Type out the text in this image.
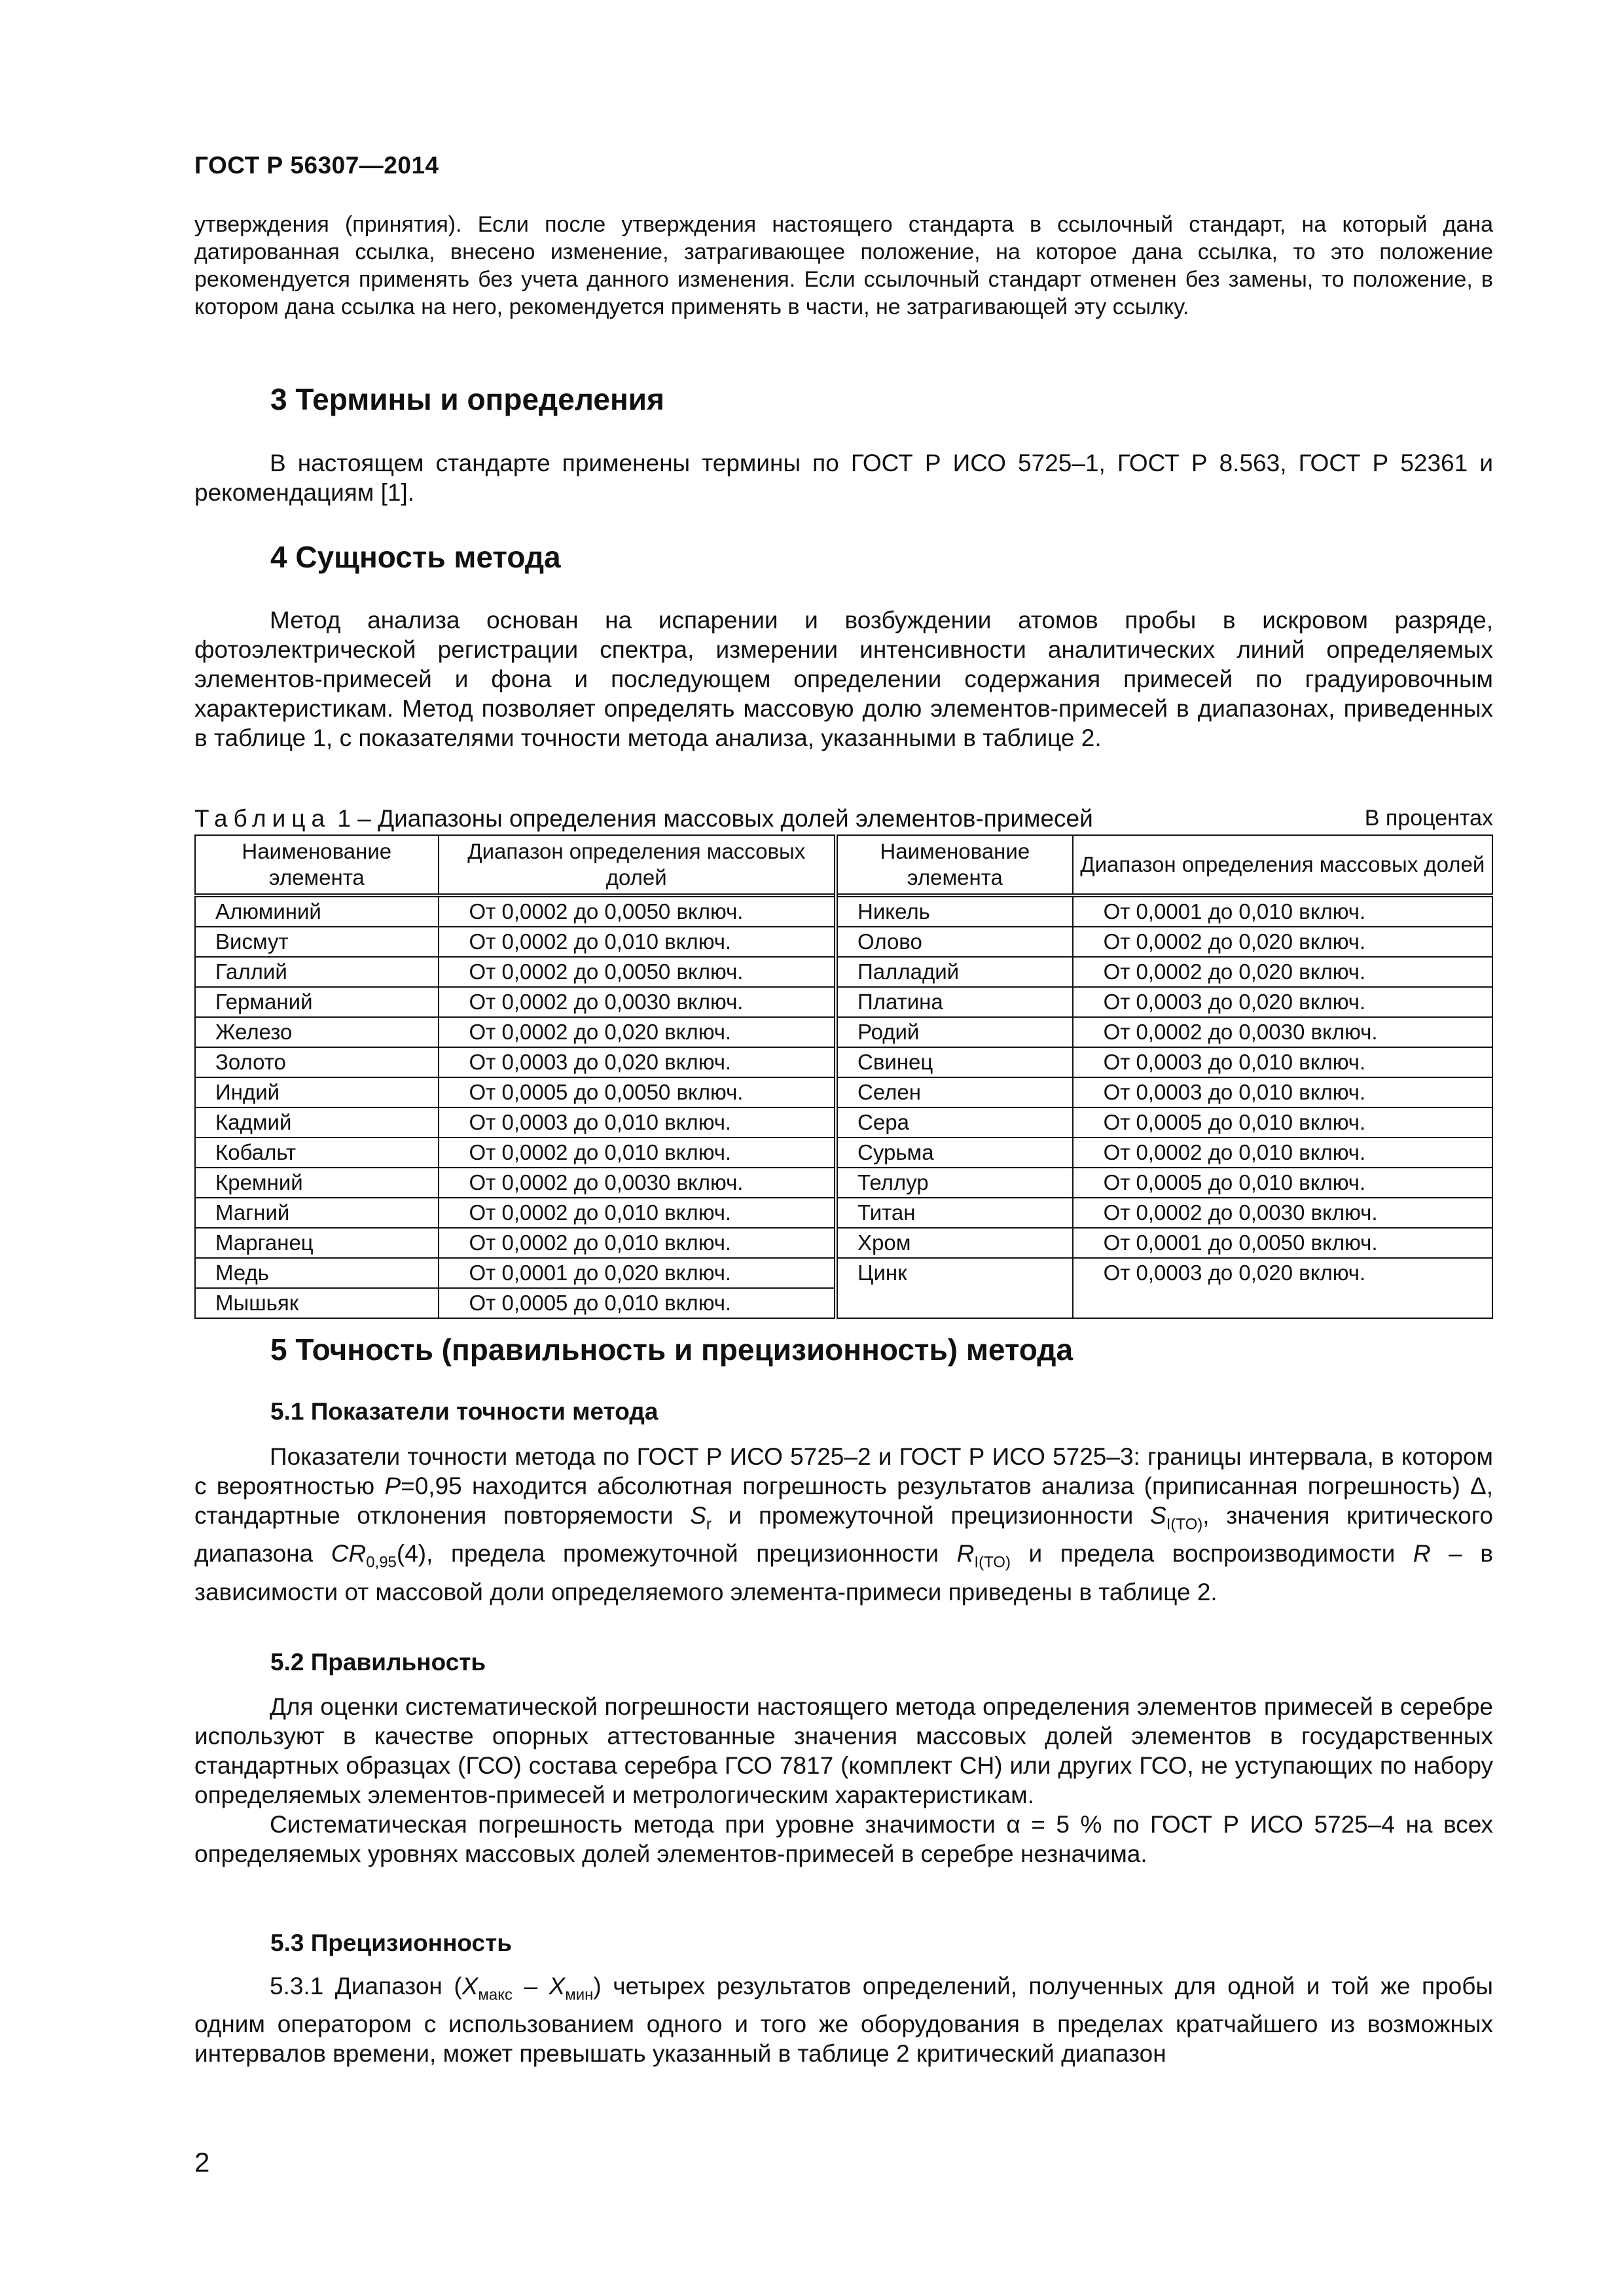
ГОСТ Р 56307—2014

утверждения (принятия). Если после утверждения настоящего стандарта в ссылочный стандарт, на который дана датированная ссылка, внесено изменение, затрагивающее положение, на которое дана ссылка, то это положение рекомендуется применять без учета данного изменения. Если ссылочный стандарт отменен без замены, то положение, в котором дана ссылка на него, рекомендуется применять в части, не затрагивающей эту ссылку.

3 Термины и определения

В настоящем стандарте применены термины по ГОСТ Р ИСО 5725–1, ГОСТ Р 8.563, ГОСТ Р 52361 и рекомендациям [1].

4 Сущность метода

Метод анализа основан на испарении и возбуждении атомов пробы в искровом разряде, фотоэлектрической регистрации спектра, измерении интенсивности аналитических линий определяемых элементов-примесей и фона и последующем определении содержания примесей по градуировочным характеристикам. Метод позволяет определять массовую долю элементов-примесей в диапазонах, приведенных в таблице 1, с показателями точности метода анализа, указанными в таблице 2.

Таблица 1 – Диапазоны определения массовых долей элементов-примесей	В процентах
Наименование элемента	Диапазон определения массовых долей	Наименование элемента	Диапазон определения массовых долей
Алюминий	От 0,0002 до 0,0050 включ.	Никель	От 0,0001 до 0,010 включ.
Висмут	От 0,0002 до 0,010 включ.	Олово	От 0,0002 до 0,020 включ.
Галлий	От 0,0002 до 0,0050 включ.	Палладий	От 0,0002 до 0,020 включ.
Германий	От 0,0002 до 0,0030 включ.	Платина	От 0,0003 до 0,020 включ.
Железо	От 0,0002 до 0,020 включ.	Родий	От 0,0002 до 0,0030 включ.
Золото	От 0,0003 до 0,020 включ.	Свинец	От 0,0003 до 0,010 включ.
Индий	От 0,0005 до 0,0050 включ.	Селен	От 0,0003 до 0,010 включ.
Кадмий	От 0,0003 до 0,010 включ.	Сера	От 0,0005 до 0,010 включ.
Кобальт	От 0,0002 до 0,010 включ.	Сурьма	От 0,0002 до 0,010 включ.
Кремний	От 0,0002 до 0,0030 включ.	Теллур	От 0,0005 до 0,010 включ.
Магний	От 0,0002 до 0,010 включ.	Титан	От 0,0002 до 0,0030 включ.
Марганец	От 0,0002 до 0,010 включ.	Хром	От 0,0001 до 0,0050 включ.
Медь	От 0,0001 до 0,020 включ.	Цинк	От 0,0003 до 0,020 включ.
Мышьяк	От 0,0005 до 0,010 включ.		
5 Точность (правильность и прецизионность) метода
5.1 Показатели точности метода

Показатели точности метода по ГОСТ Р ИСО 5725–2 и ГОСТ Р ИСО 5725–3: границы интервала, в котором с вероятностью P=0,95 находится абсолютная погрешность результатов анализа (приписанная погрешность) Δ, стандартные отклонения повторяемости $S_r$ и промежуточной прецизионности $S_{I(TO)}$, значения критического диапазона $CR_{0,95}(4)$, предела промежуточной прецизионности $R_{I(TO)}$ и предела воспроизводимости R – в зависимости от массовой доли определяемого элемента-примеси приведены в таблице 2.

5.2 Правильность

Для оценки систематической погрешности настоящего метода определения элементов примесей в серебре используют в качестве опорных аттестованные значения массовых долей элементов в государственных стандартных образцах (ГСО) состава серебра ГСО 7817 (комплект СН) или других ГСО, не уступающих по набору определяемых элементов-примесей и метрологическим характеристикам.

Систематическая погрешность метода при уровне значимости α = 5 % по ГОСТ Р ИСО 5725–4 на всех определяемых уровнях массовых долей элементов-примесей в серебре незначима.

5.3 Прецизионность

5.3.1 Диапазон $(X_{макс} - X_{мин})$ четырех результатов определений, полученных для одной и той же пробы одним оператором с использованием одного и того же оборудования в пределах кратчайшего из возможных интервалов времени, может превышать указанный в таблице 2 критический диапазон

2
